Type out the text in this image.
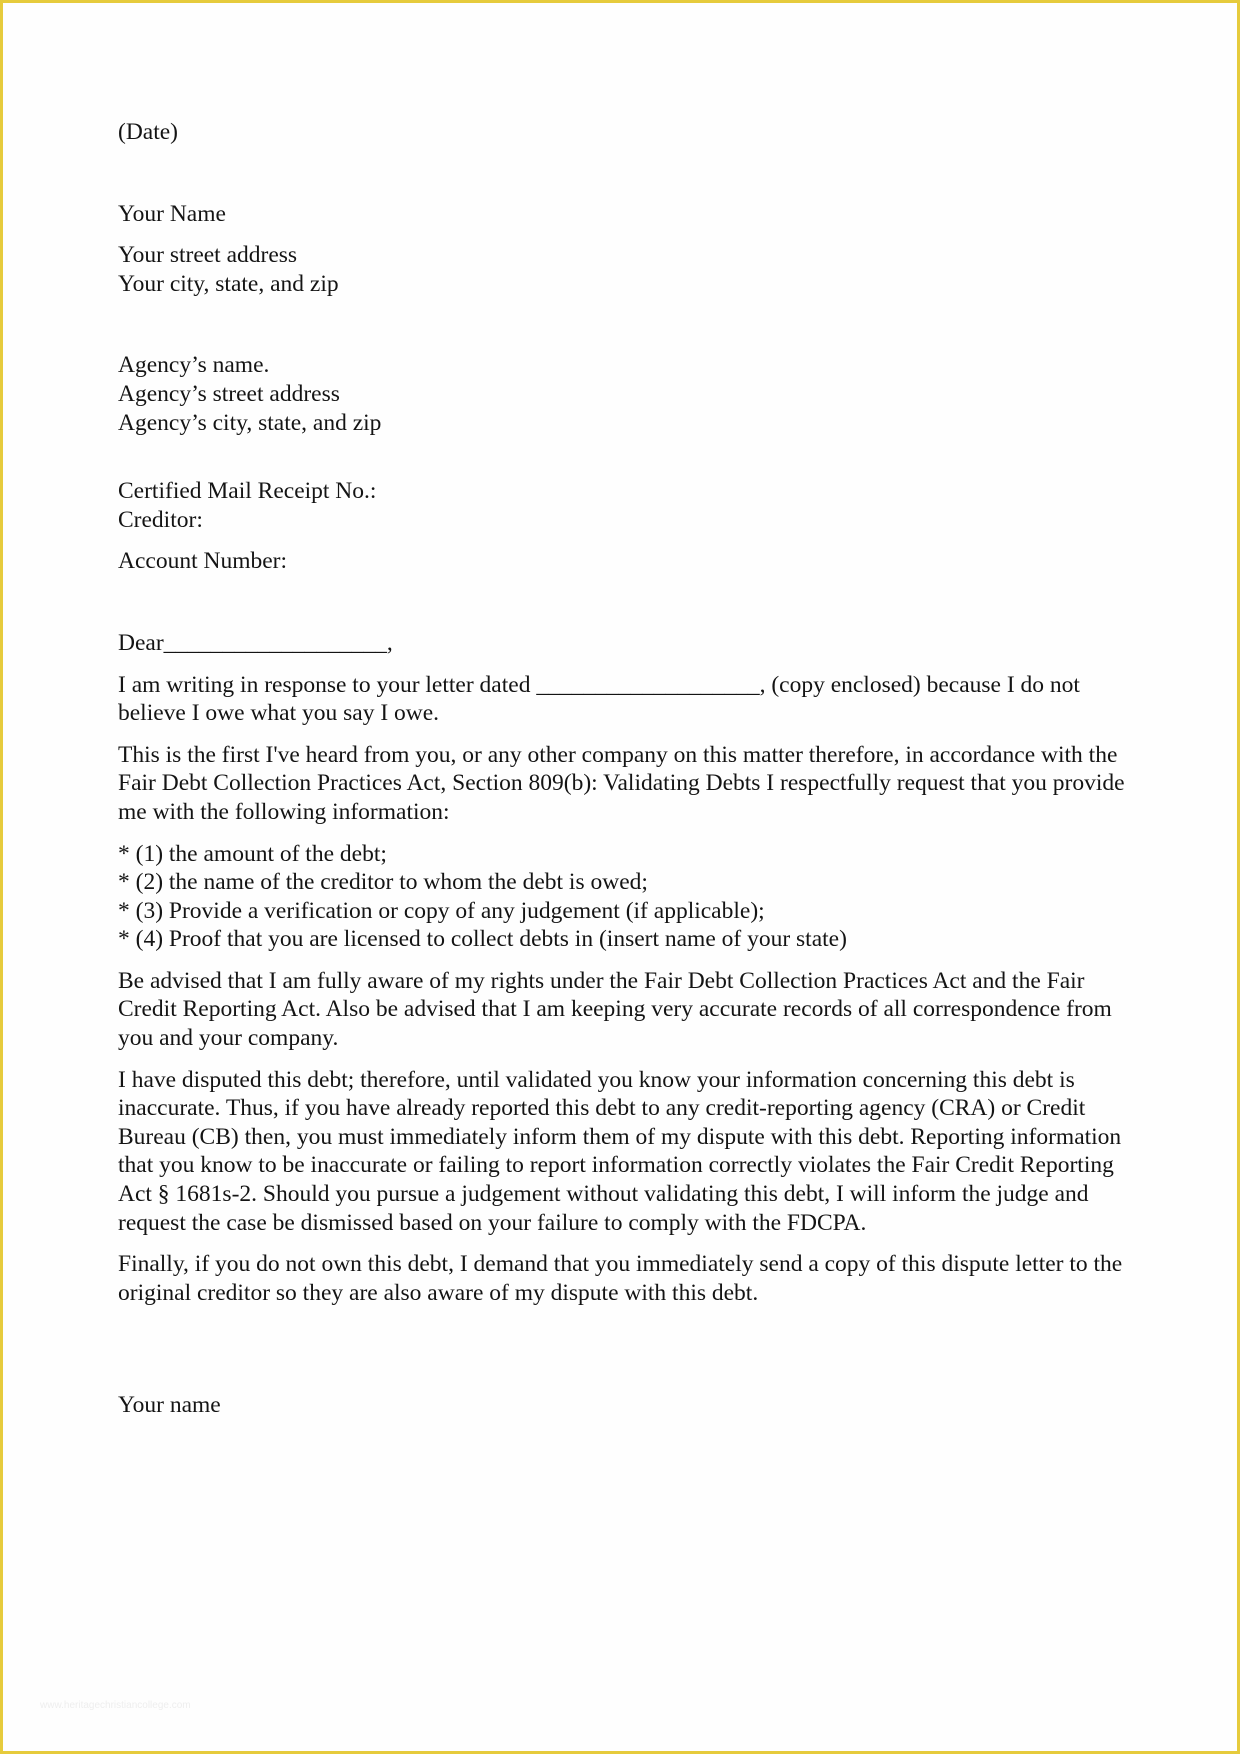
(Date)
Your Name
Your street address
Your city, state, and zip
Agency’s name.
Agency’s street address
Agency’s city, state, and zip
Certified Mail Receipt No.:
Creditor:
Account Number:
Dear___________________,

I am writing in response to your letter dated ___________________, (copy enclosed) because I do not believe I owe what you say I owe.

This is the first I've heard from you, or any other company on this matter therefore, in accordance with the Fair Debt Collection Practices Act, Section 809(b): Validating Debts I respectfully request that you provide me with the following information:

* (1) the amount of the debt;
* (2) the name of the creditor to whom the debt is owed;
* (3) Provide a verification or copy of any judgement (if applicable);
* (4) Proof that you are licensed to collect debts in (insert name of your state)

Be advised that I am fully aware of my rights under the Fair Debt Collection Practices Act and the Fair Credit Reporting Act. Also be advised that I am keeping very accurate records of all correspondence from you and your company.

I have disputed this debt; therefore, until validated you know your information concerning this debt is inaccurate. Thus, if you have already reported this debt to any credit-reporting agency (CRA) or Credit Bureau (CB) then, you must immediately inform them of my dispute with this debt. Reporting information that you know to be inaccurate or failing to report information correctly violates the Fair Credit Reporting Act § 1681s-2. Should you pursue a judgement without validating this debt, I will inform the judge and request the case be dismissed based on your failure to comply with the FDCPA.

Finally, if you do not own this debt, I demand that you immediately send a copy of this dispute letter to the original creditor so they are also aware of my dispute with this debt.

Your name
www.heritagechristiancollege.com
